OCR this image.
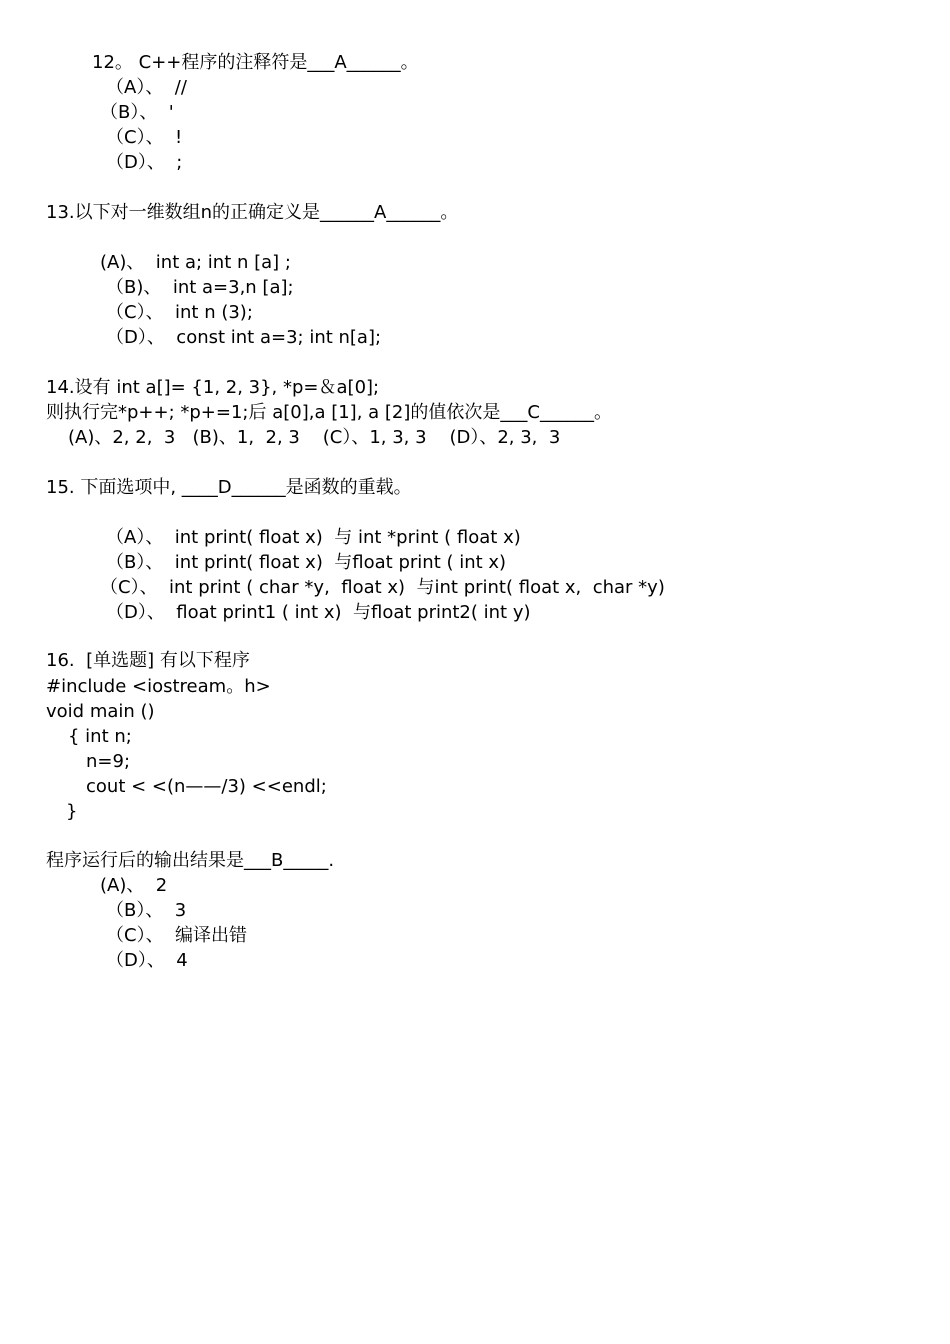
12。 C++程序的注释符是___A______。
（A）、  //
（B）、  '
（C）、  !
（D）、  ;
13.以下对一维数组n的正确定义是______A______。
(A)、  int a; int n [a] ;
（B)、  int a=3,n [a];
（C）、  int n (3);
（D）、  const int a=3; int n[a];
14.设有 int a[]= {1, 2, 3}, *p=＆a[0];
则执行完*p++; *p+=1;后 a[0],a [1], a [2]的值依次是___C______。
(A)、2, 2,  3   (B)、1,  2, 3    (C）、1, 3, 3    (D）、2, 3,  3
15. 下面选项中, ____D______是函数的重载。
（A）、  int print( float x)  与 int *print ( float x)
（B）、  int print( float x)  与float print ( int x)
（C）、  int print ( char *y,  float x)  与int print( float x,  char *y)
（D）、  float print1 ( int x)  与float print2( int y)
16.  [单选题] 有以下程序
#include <iostream。h>
void main ()
{ int n;
n=9;
cout < <(n——/3) <<endl;
}
程序运行后的输出结果是___B_____.
(A)、  2
（B）、  3
（C）、  编译出错
（D）、  4
